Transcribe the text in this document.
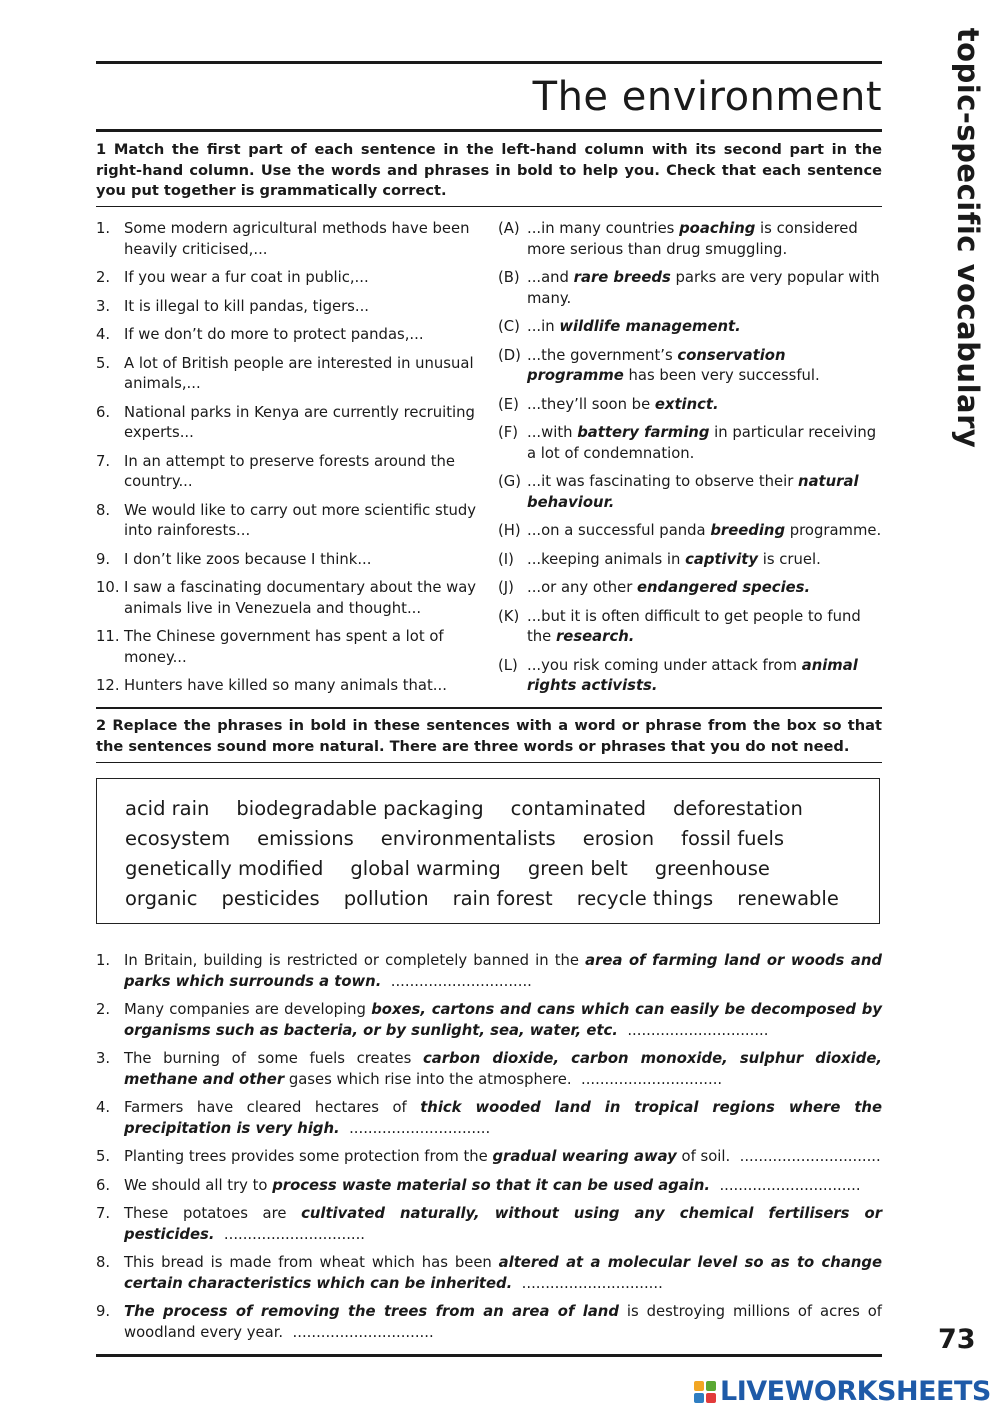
The environment topic-specific vocabulary
1 Match the first part of each sentence in the left-hand column with its second part in the right-hand column. Use the words and phrases in bold to help you. Check that each sentence you put together is grammatically correct.
1. Some modern agricultural methods have been heavily criticised,...
2. If you wear a fur coat in public,...
3. It is illegal to kill pandas, tigers...
4. If we don’t do more to protect pandas,...
5. A lot of British people are interested in unusual animals,...
6. National parks in Kenya are currently recruiting experts...
7. In an attempt to preserve forests around the country...
8. We would like to carry out more scientific study into rainforests...
9. I don’t like zoos because I think...
10. I saw a fascinating documentary about the way animals live in Venezuela and thought...
11. The Chinese government has spent a lot of money...
12. Hunters have killed so many animals that...
(A) ...in many countries poaching is considered more serious than drug smuggling.
(B) ...and rare breeds parks are very popular with many.
(C) ...in wildlife management.
(D) ...the government’s conservation programme has been very successful.
(E) ...they’ll soon be extinct.
(F) ...with battery farming in particular receiving a lot of condemnation.
(G) ...it was fascinating to observe their natural behaviour.
(H) ...on a successful panda breeding programme.
(I) ...keeping animals in captivity is cruel.
(J) ...or any other endangered species.
(K) ...but it is often difficult to get people to fund the research.
(L) ...you risk coming under attack from animal rights activists.
2 Replace the phrases in bold in these sentences with a word or phrase from the box so that the sentences sound more natural. There are three words or phrases that you do not need.
acid rain biodegradable packaging contaminated deforestation
ecosystem emissions environmentalists erosion fossil fuels
genetically modified global warming green belt greenhouse
organic pesticides pollution rain forest recycle things renewable
1. In Britain, building is restricted or completely banned in the area of farming land or woods and parks which surrounds a town. ..............................
2. Many companies are developing boxes, cartons and cans which can easily be decomposed by organisms such as bacteria, or by sunlight, sea, water, etc. ..............................
3. The burning of some fuels creates carbon dioxide, carbon monoxide, sulphur dioxide, methane and other gases which rise into the atmosphere. ..............................
4. Farmers have cleared hectares of thick wooded land in tropical regions where the precipitation is very high. ..............................
5. Planting trees provides some protection from the gradual wearing away of soil. ..............................
6. We should all try to process waste material so that it can be used again. ..............................
7. These potatoes are cultivated naturally, without using any chemical fertilisers or pesticides. ..............................
8. This bread is made from wheat which has been altered at a molecular level so as to change certain characteristics which can be inherited. ..............................
9. The process of removing the trees from an area of land is destroying millions of acres of woodland every year. ..............................	73
LIVEWORKSHEETS
